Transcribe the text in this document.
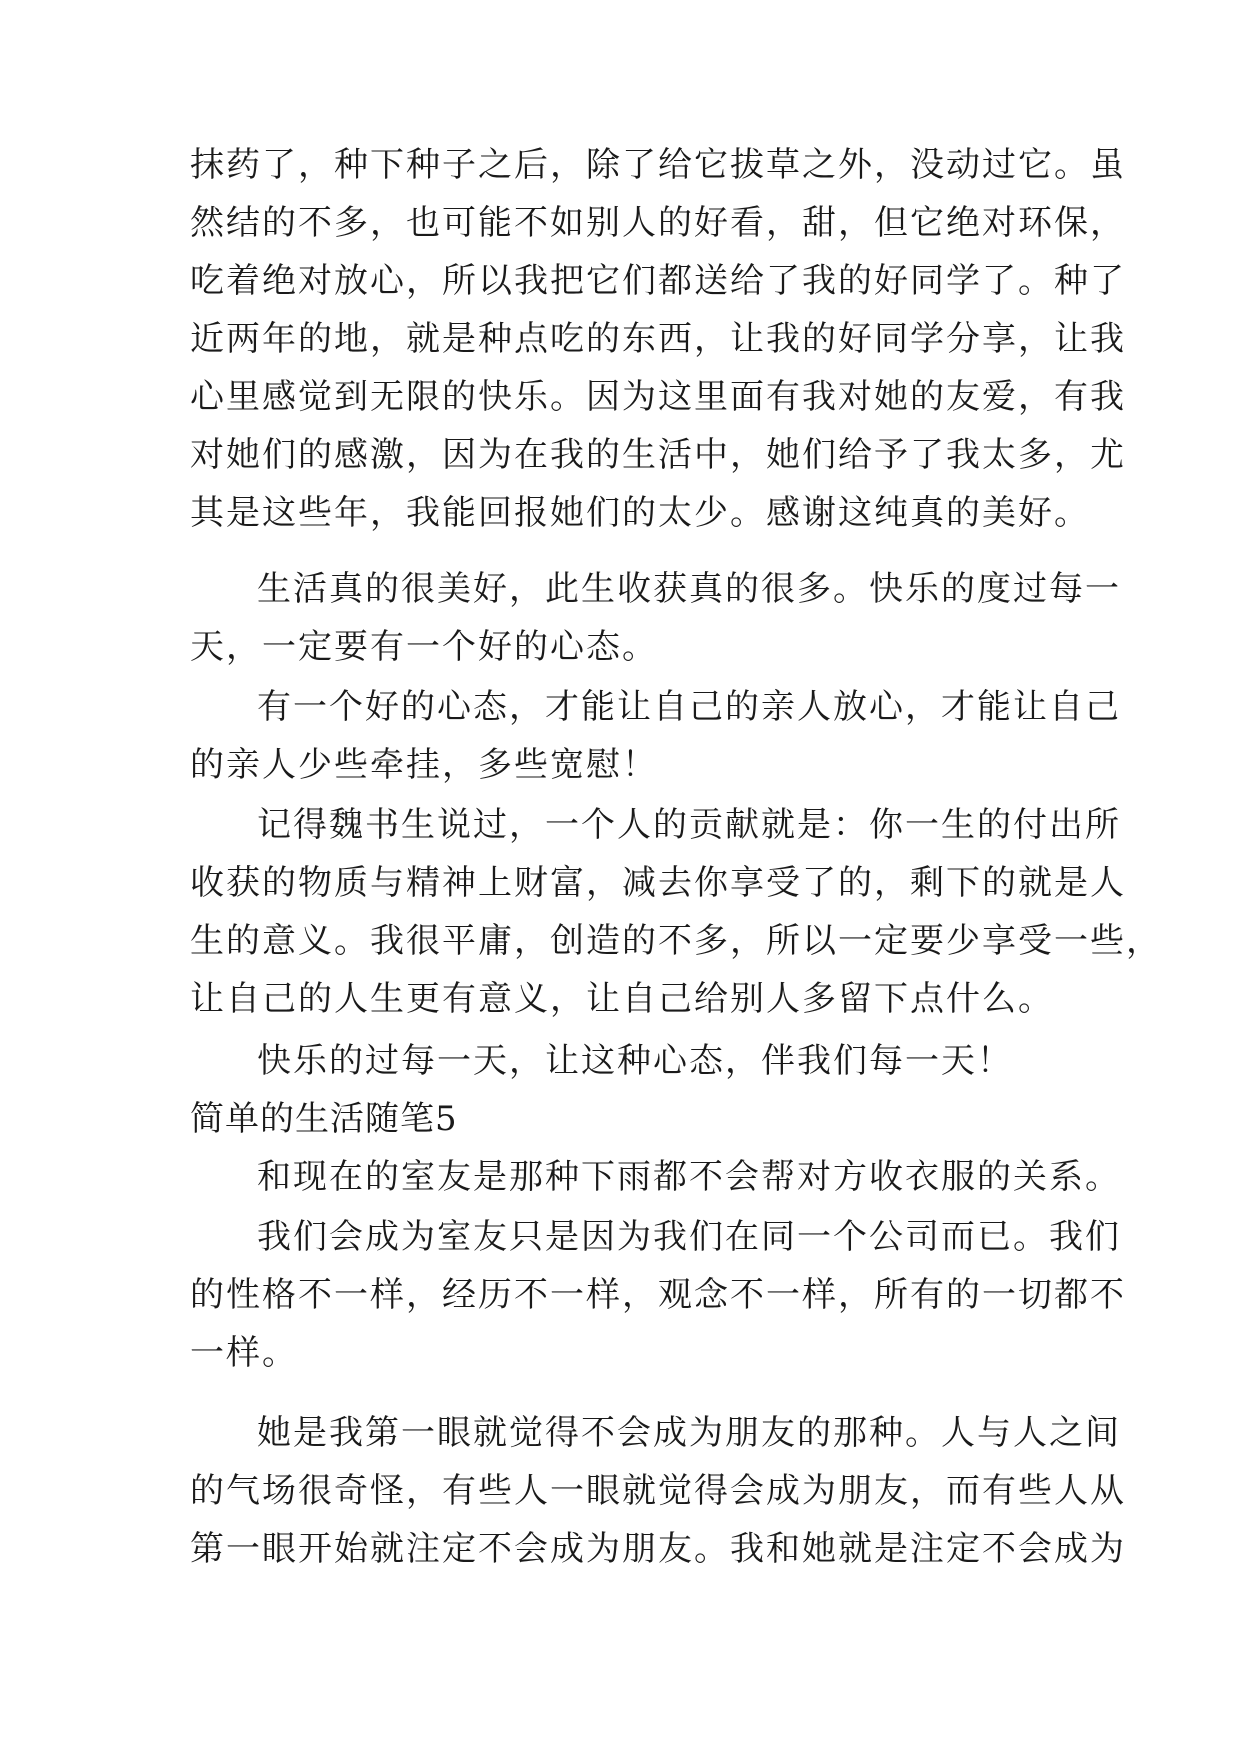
抹药了，种下种子之后，除了给它拔草之外，没动过它。虽
然结的不多，也可能不如别人的好看，甜，但它绝对环保，
吃着绝对放心，所以我把它们都送给了我的好同学了。种了
近两年的地，就是种点吃的东西，让我的好同学分享，让我
心里感觉到无限的快乐。因为这里面有我对她的友爱，有我
对她们的感激，因为在我的生活中，她们给予了我太多，尤
其是这些年，我能回报她们的太少。感谢这纯真的美好。
生活真的很美好，此生收获真的很多。快乐的度过每一
天，一定要有一个好的心态。
有一个好的心态，才能让自己的亲人放心，才能让自己
的亲人少些牵挂，多些宽慰！
记得魏书生说过，一个人的贡献就是：你一生的付出所
收获的物质与精神上财富，减去你享受了的，剩下的就是人
生的意义。我很平庸，创造的不多，所以一定要少享受一些，
让自己的人生更有意义，让自己给别人多留下点什么。
快乐的过每一天，让这种心态，伴我们每一天！
简单的生活随笔5
和现在的室友是那种下雨都不会帮对方收衣服的关系。
我们会成为室友只是因为我们在同一个公司而已。我们
的性格不一样，经历不一样，观念不一样，所有的一切都不
一样。
她是我第一眼就觉得不会成为朋友的那种。人与人之间
的气场很奇怪，有些人一眼就觉得会成为朋友，而有些人从
第一眼开始就注定不会成为朋友。我和她就是注定不会成为
